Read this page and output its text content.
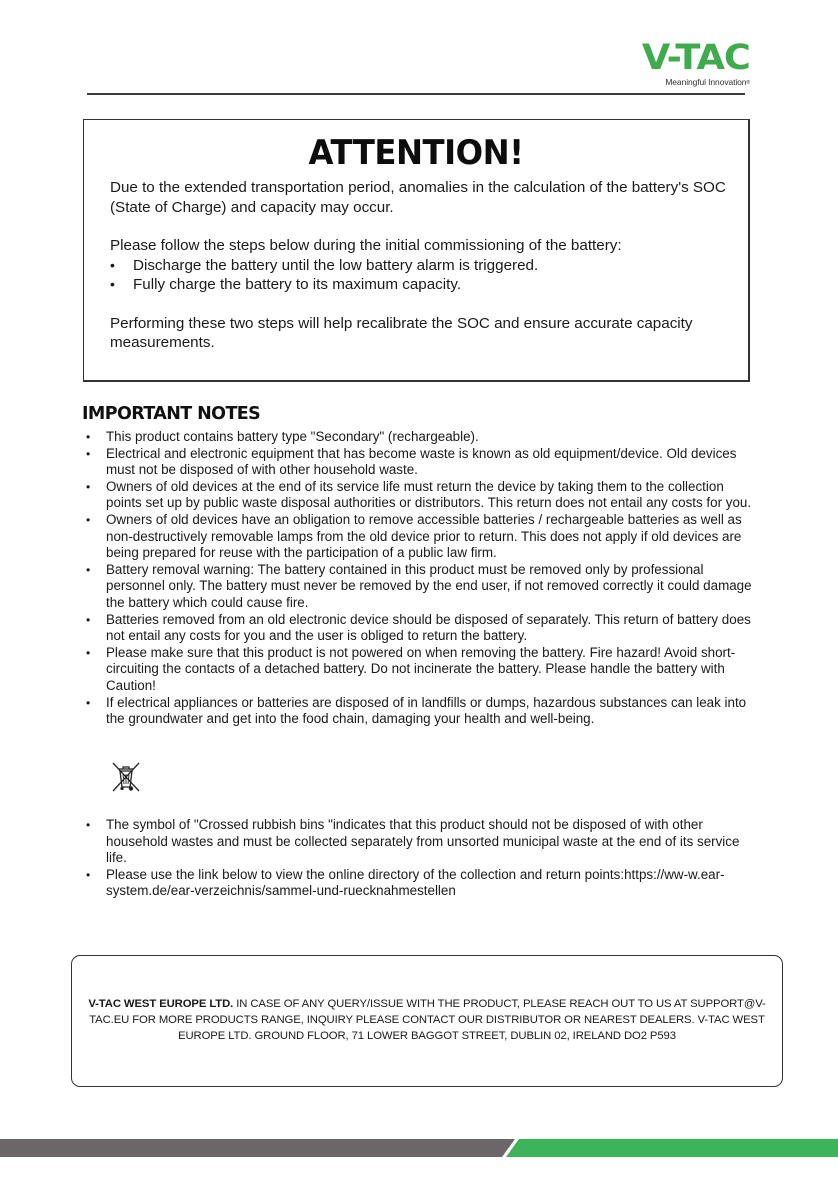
V-TAC
Meaningful Innovation®
ATTENTION!

Due to the extended transportation period, anomalies in the calculation of the battery's SOC (State of Charge) and capacity may occur.

Please follow the steps below during the initial commissioning of the battery:

• Discharge the battery until the low battery alarm is triggered.
• Fully charge the battery to its maximum capacity.

Performing these two steps will help recalibrate the SOC and ensure accurate capacity measurements.

IMPORTANT NOTES
• This product contains battery type "Secondary" (rechargeable).
• Electrical and electronic equipment that has become waste is known as old equipment/device. Old devices must not be disposed of with other household waste.
• Owners of old devices at the end of its service life must return the device by taking them to the collection points set up by public waste disposal authorities or distributors. This return does not entail any costs for you.
• Owners of old devices have an obligation to remove accessible batteries / rechargeable batteries as well as non-destructively removable lamps from the old device prior to return. This does not apply if old devices are being prepared for reuse with the participation of a public law firm.
• Battery removal warning: The battery contained in this product must be removed only by professional personnel only. The battery must never be removed by the end user, if not removed correctly it could damage the battery which could cause fire.
• Batteries removed from an old electronic device should be disposed of separately. This return of battery does not entail any costs for you and the user is obliged to return the battery.
• Please make sure that this product is not powered on when removing the battery. Fire hazard! Avoid short-circuiting the contacts of a detached battery. Do not incinerate the battery. Please handle the battery with Caution!
• If electrical appliances or batteries are disposed of in landfills or dumps, hazardous substances can leak into the groundwater and get into the food chain, damaging your health and well-being.
• The symbol of "Crossed rubbish bins "indicates that this product should not be disposed of with other household wastes and must be collected separately from unsorted municipal waste at the end of its service life.
• Please use the link below to view the online directory of the collection and return points:https://ww-w.ear-system.de/ear-verzeichnis/sammel-und-ruecknahmestellen
V-TAC WEST EUROPE LTD. IN CASE OF ANY QUERY/ISSUE WITH THE PRODUCT, PLEASE REACH OUT TO US AT SUPPORT@V-TAC.EU FOR MORE PRODUCTS RANGE, INQUIRY PLEASE CONTACT OUR DISTRIBUTOR OR NEAREST DEALERS. V-TAC WEST EUROPE LTD. GROUND FLOOR, 71 LOWER BAGGOT STREET, DUBLIN 02, IRELAND DO2 P593
